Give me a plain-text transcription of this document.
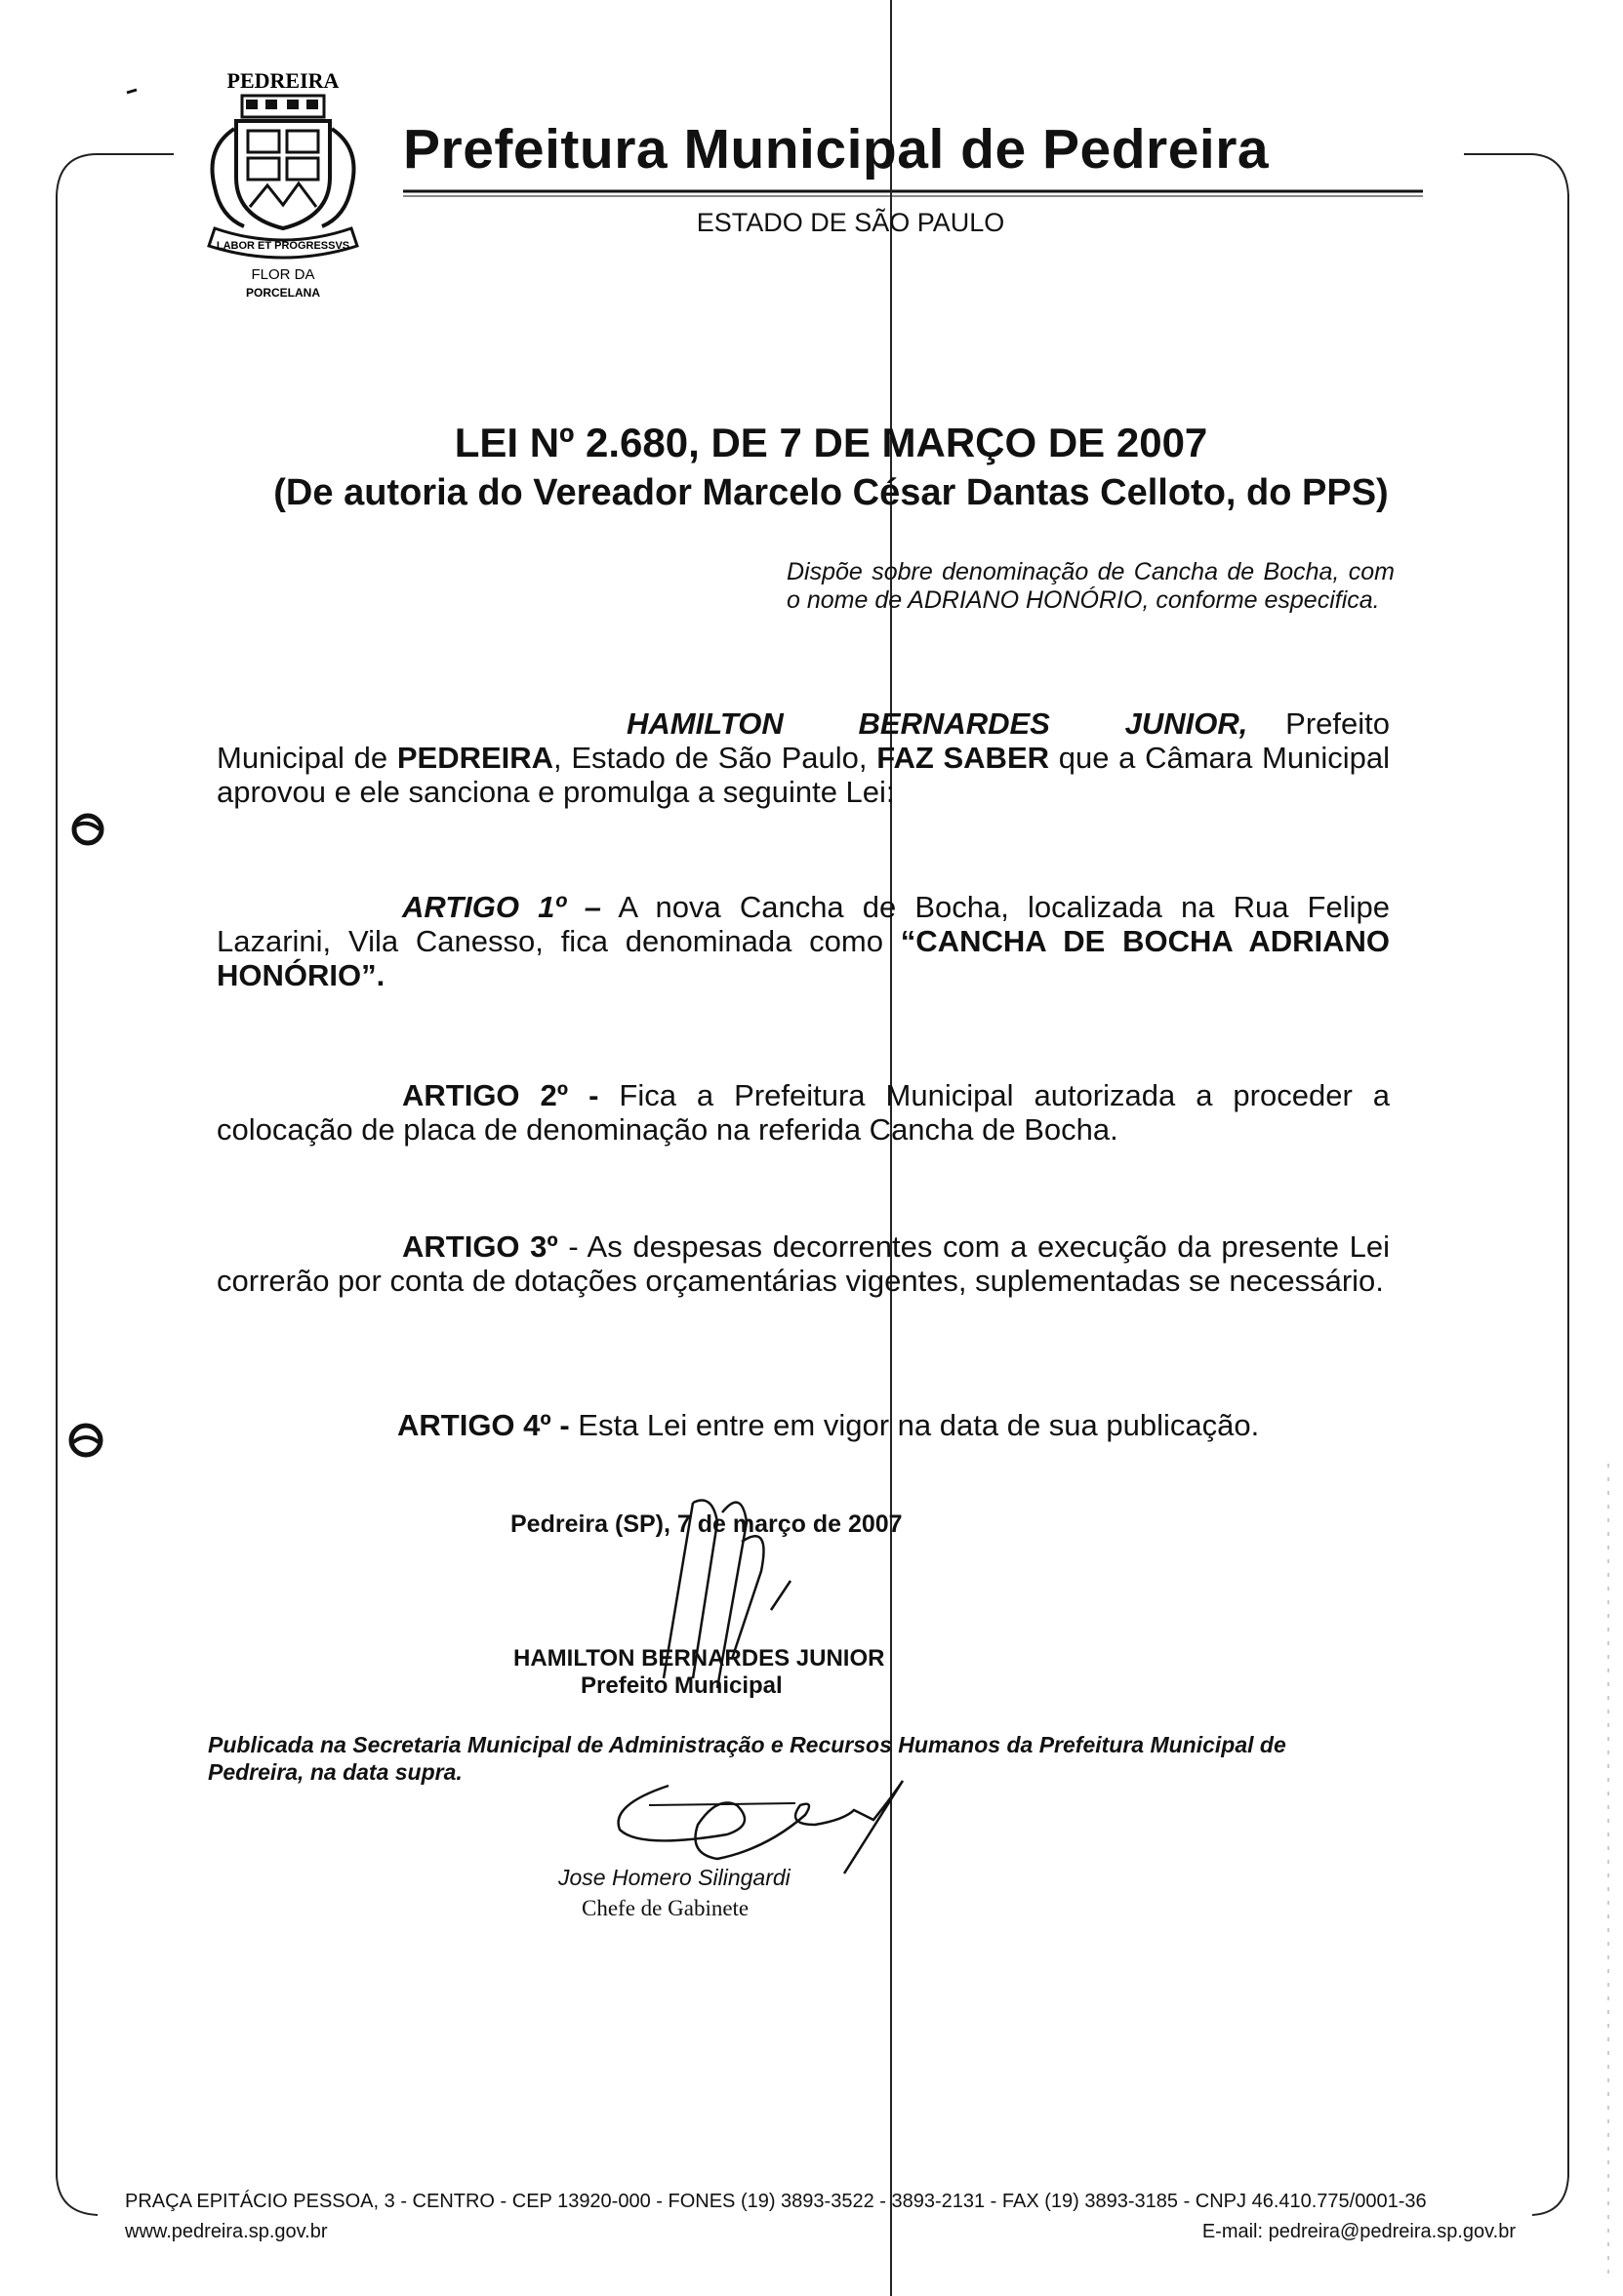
PEDREIRA
LABOR ET PROGRESSVS
FLOR DA
PORCELANA
Prefeitura Municipal de Pedreira
ESTADO DE SÃO PAULO
LEI Nº 2.680, DE 7 DE MARÇO DE 2007
(De autoria do Vereador Marcelo César Dantas Celloto, do PPS)
Dispõe sobre denominação de Cancha de Bocha, com o nome de ADRIANO HONÓRIO, conforme especifica.
HAMILTON BERNARDES JUNIOR, Prefeito Municipal de PEDREIRA, Estado de São Paulo, FAZ SABER que a Câmara Municipal aprovou e ele sanciona e promulga a seguinte Lei:
ARTIGO 1º – A nova Cancha de Bocha, localizada na Rua Felipe Lazarini, Vila Canesso, fica denominada como “CANCHA DE BOCHA ADRIANO HONÓRIO”.
ARTIGO 2º - Fica a Prefeitura Municipal autorizada a proceder a colocação de placa de denominação na referida Cancha de Bocha.
ARTIGO 3º - As despesas decorrentes com a execução da presente Lei correrão por conta de dotações orçamentárias vigentes, suplementadas se necessário.
ARTIGO 4º - Esta Lei entre em vigor na data de sua publicação.
Pedreira (SP), 7 de março de 2007
HAMILTON BERNARDES JUNIOR
Prefeito Municipal
Publicada na Secretaria Municipal de Administração e Recursos Humanos da Prefeitura Municipal de Pedreira, na data supra.
Jose Homero Silingardi
Chefe de Gabinete
PRAÇA EPITÁCIO PESSOA, 3 - CENTRO - CEP 13920-000 - FONES (19) 3893-3522 - 3893-2131 - FAX (19) 3893-3185 - CNPJ 46.410.775/0001-36
www.pedreira.sp.gov.br	E-mail: pedreira@pedreira.sp.gov.br
